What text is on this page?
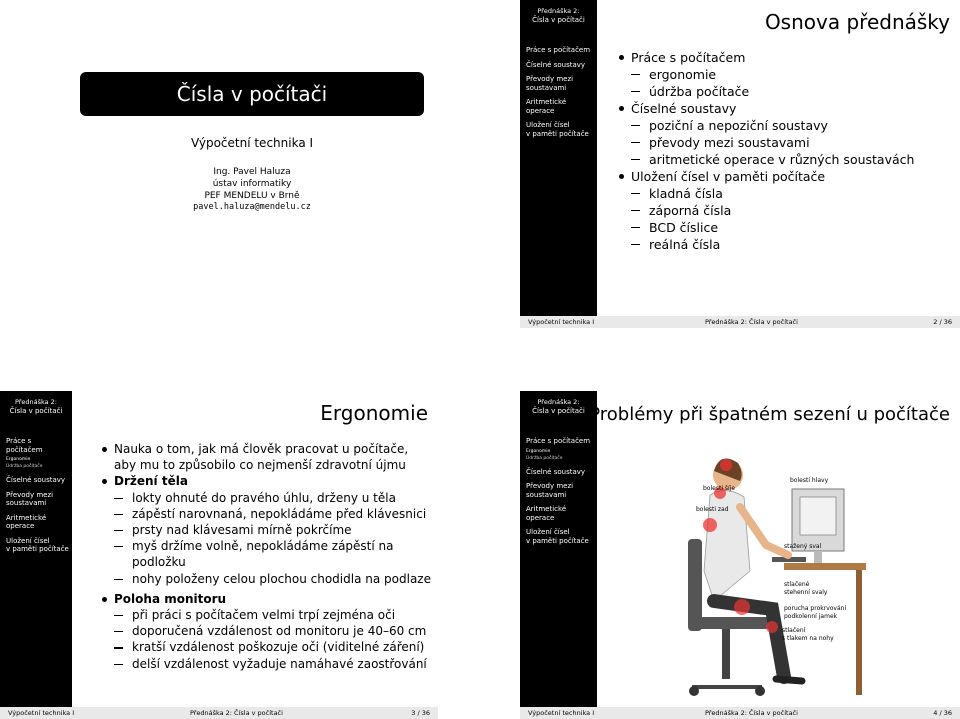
Čísla v počítači
Výpočetní technika I
Ing. Pavel Haluza
ústav informatiky
PEF MENDELU v Brně
pavel.haluza@mendelu.cz
Přednáška 2:
Čísla v počítači
Práce s počítačem
Číselné soustavy
Převody mezi
soustavami
Aritmetické operace
Uložení čísel
v paměti počítače
Osnova přednášky
Práce s počítačem
ergonomie
údržba počítače
Číselné soustavy
poziční a nepoziční soustavy
převody mezi soustavami
aritmetické operace v různých soustavách
Uložení čísel v paměti počítače
kladná čísla
záporná čísla
BCD číslice
reálná čísla
Výpočetní technika I	Přednáška 2: Čísla v počítači	2 / 36
Přednáška 2:
Čísla v počítači
Práce s počítačem
Ergonomie
Údržba počítače
Číselné soustavy
Převody mezi
soustavami
Aritmetické operace
Uložení čísel
v paměti počítače
Ergonomie
Nauka o tom, jak má člověk pracovat u počítače, aby mu to způsobilo co nejmenší zdravotní újmu
Držení těla
lokty ohnuté do pravého úhlu, drženy u těla
zápěstí narovnaná, nepokládáme před klávesnici
prsty nad klávesami mírně pokrčíme
myš držíme volně, nepokládáme zápěstí na podložku
nohy položeny celou plochou chodidla na podlaze
Poloha monitoru
při práci s počítačem velmi trpí zejména oči
doporučená vzdálenost od monitoru je 40–60 cm
kratší vzdálenost poškozuje oči (viditelné záření)
delší vzdálenost vyžaduje namáhavé zaostřování
Výpočetní technika I	Přednáška 2: Čísla v počítači	3 / 36
Přednáška 2:
Čísla v počítači
Práce s počítačem
Ergonomie
Údržba počítače
Číselné soustavy
Převody mezi
soustavami
Aritmetické operace
Uložení čísel
v paměti počítače
Problémy při špatném sezení u počítače
bolesti hlavy
bolesti šíje
bolesti zad
stažený sval
stlačené
stehenní svaly
porucha prokrvování
podkolenní jamek
stlačení
s tlakem na nohy
Výpočetní technika I	Přednáška 2: Čísla v počítači	4 / 36
